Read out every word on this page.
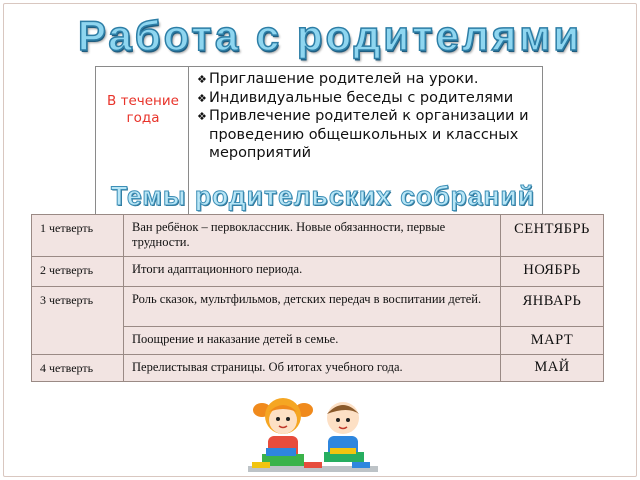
Работа с родителями
В течение года
❖ Приглашение родителей на уроки.
❖ Индивидуальные беседы с родителями
❖ Привлечение родителей к организации и проведению общешкольных и классных мероприятий
Темы родительских собраний
1 четверть
2 четверть
3 четверть
4 четверть
Ван ребёнок – первоклассник. Новые обязанности, первые трудности.
Итоги адаптационного периода.
Роль сказок, мультфильмов, детских передач в воспитании детей.
Поощрение и наказание детей в семье.
Перелистывая страницы. Об итогах учебного года.
СЕНТЯБРЬ
НОЯБРЬ
ЯНВАРЬ
МАРТ
МАЙ
